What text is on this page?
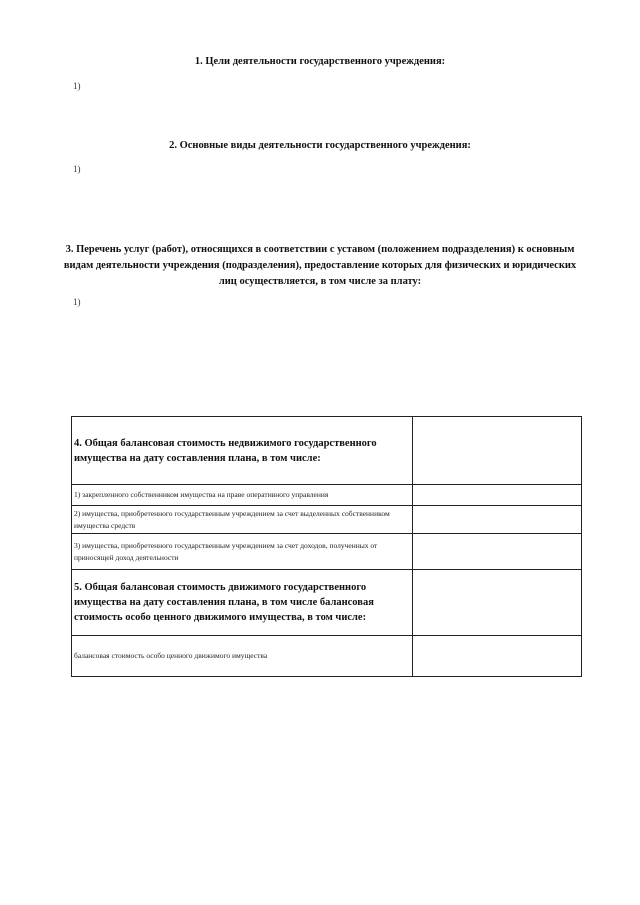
1. Цели деятельности государственного учреждения:
1)
2. Основные виды деятельности государственного учреждения:
1)
3. Перечень услуг (работ), относящихся в соответствии с уставом (положением подразделения) к основным видам деятельности учреждения (подразделения), предоставление которых для физических и юридических лиц осуществляется, в том числе за плату:
1)
4. Общая балансовая стоимость недвижимого государственного имущества на дату составления плана, в том числе:	
1) закрепленного собственником имущества на праве оперативного управления	
2) имущества, приобретенного государственным учреждением за счет выделенных собственником имущества средств	
3) имущества, приобретенного государственным учреждением за счет доходов, полученных от приносящей доход деятельности	
5. Общая балансовая стоимость движимого государственного имущества на дату составления плана, в том числе балансовая стоимость особо ценного движимого имущества, в том числе:	
балансовая стоимость особо ценного движимого имущества	
